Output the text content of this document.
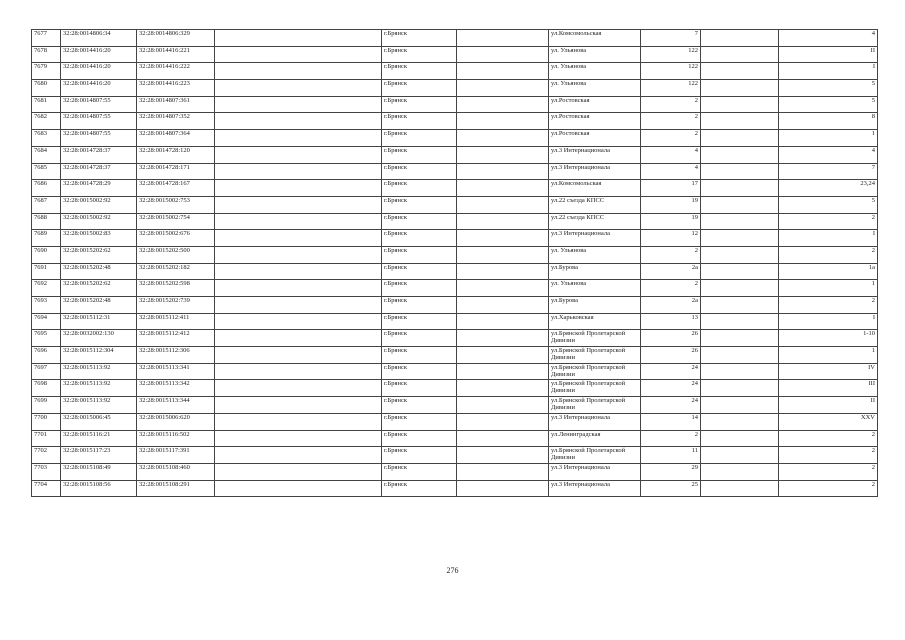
7677	32:28:0014806:34	32:28:0014806:329		г.Брянск		ул.Комсомольская	7		4
7678	32:28:0014416:20	32:28:0014416:221		г.Брянск		ул. Ульянова	122		II
7679	32:28:0014416:20	32:28:0014416:222		г.Брянск		ул. Ульянова	122		I
7680	32:28:0014416:20	32:28:0014416:223		г.Брянск		ул. Ульянова	122		5
7681	32:28:0014807:55	32:28:0014807:361		г.Брянск		ул.Ростовская	2		5
7682	32:28:0014807:55	32:28:0014807:352		г.Брянск		ул.Ростовская	2		8
7683	32:28:0014807:55	32:28:0014807:364		г.Брянск		ул.Ростовская	2		1
7684	32:28:0014728:37	32:28:0014728:120		г.Брянск		ул.3 Интернационала	4		4
7685	32:28:0014728:37	32:28:0014728:171		г.Брянск		ул.3 Интернационала	4		7
7686	32:28:0014728:29	32:28:0014728:167		г.Брянск		ул.Комсомольская	17		23,24
7687	32:28:0015002:92	32:28:0015002:753		г.Брянск		ул.22 съезда КПСС	19		5
7688	32:28:0015002:92	32:28:0015002:754		г.Брянск		ул.22 съезда КПСС	19		2
7689	32:28:0015002:83	32:28:0015002:676		г.Брянск		ул.3 Интернационала	12		I
7690	32:28:0015202:62	32:28:0015202:500		г.Брянск		ул. Ульянова	2		2
7691	32:28:0015202:48	32:28:0015202:182		г.Брянск		ул.Бурова	2а		1а
7692	32:28:0015202:62	32:28:0015202:598		г.Брянск		ул. Ульянова	2		1
7693	32:28:0015202:48	32:28:0015202:739		г.Брянск		ул.Бурова	2а		2
7694	32:28:0015112:31	32:28:0015112:411		г.Брянск		ул.Харьковская	13		I
7695	32:28:0032002:130	32:28:0015112:412		г.Брянск		ул.Брянской Пролетарской Дивизии	26		1-10
7696	32:28:0015112:304	32:28:0015112:306		г.Брянск		ул.Брянской Пролетарской Дивизии	26		1
7697	32:28:0015113:92	32:28:0015113:341		г.Брянск		ул.Брянской Пролетарской Дивизии	24		IV
7698	32:28:0015113:92	32:28:0015113:342		г.Брянск		ул.Брянской Пролетарской Дивизии	24		III
7699	32:28:0015113:92	32:28:0015113:344		г.Брянск		ул.Брянской Пролетарской Дивизии	24		II
7700	32:28:0015006:45	32:28:0015006:620		г.Брянск		ул.3 Интернационала	14		XXV
7701	32:28:0015116:21	32:28:0015116:502		г.Брянск		ул.Ленинградская	2		2
7702	32:28:0015117:23	32:28:0015117:391		г.Брянск		ул.Брянской Пролетарской Дивизии	11		2
7703	32:28:0015108:49	32:28:0015108:460		г.Брянск		ул.3 Интернационала	29		2
7704	32:28:0015108:56	32:28:0015108:291		г.Брянск		ул.3 Интернационала	25		2
276
